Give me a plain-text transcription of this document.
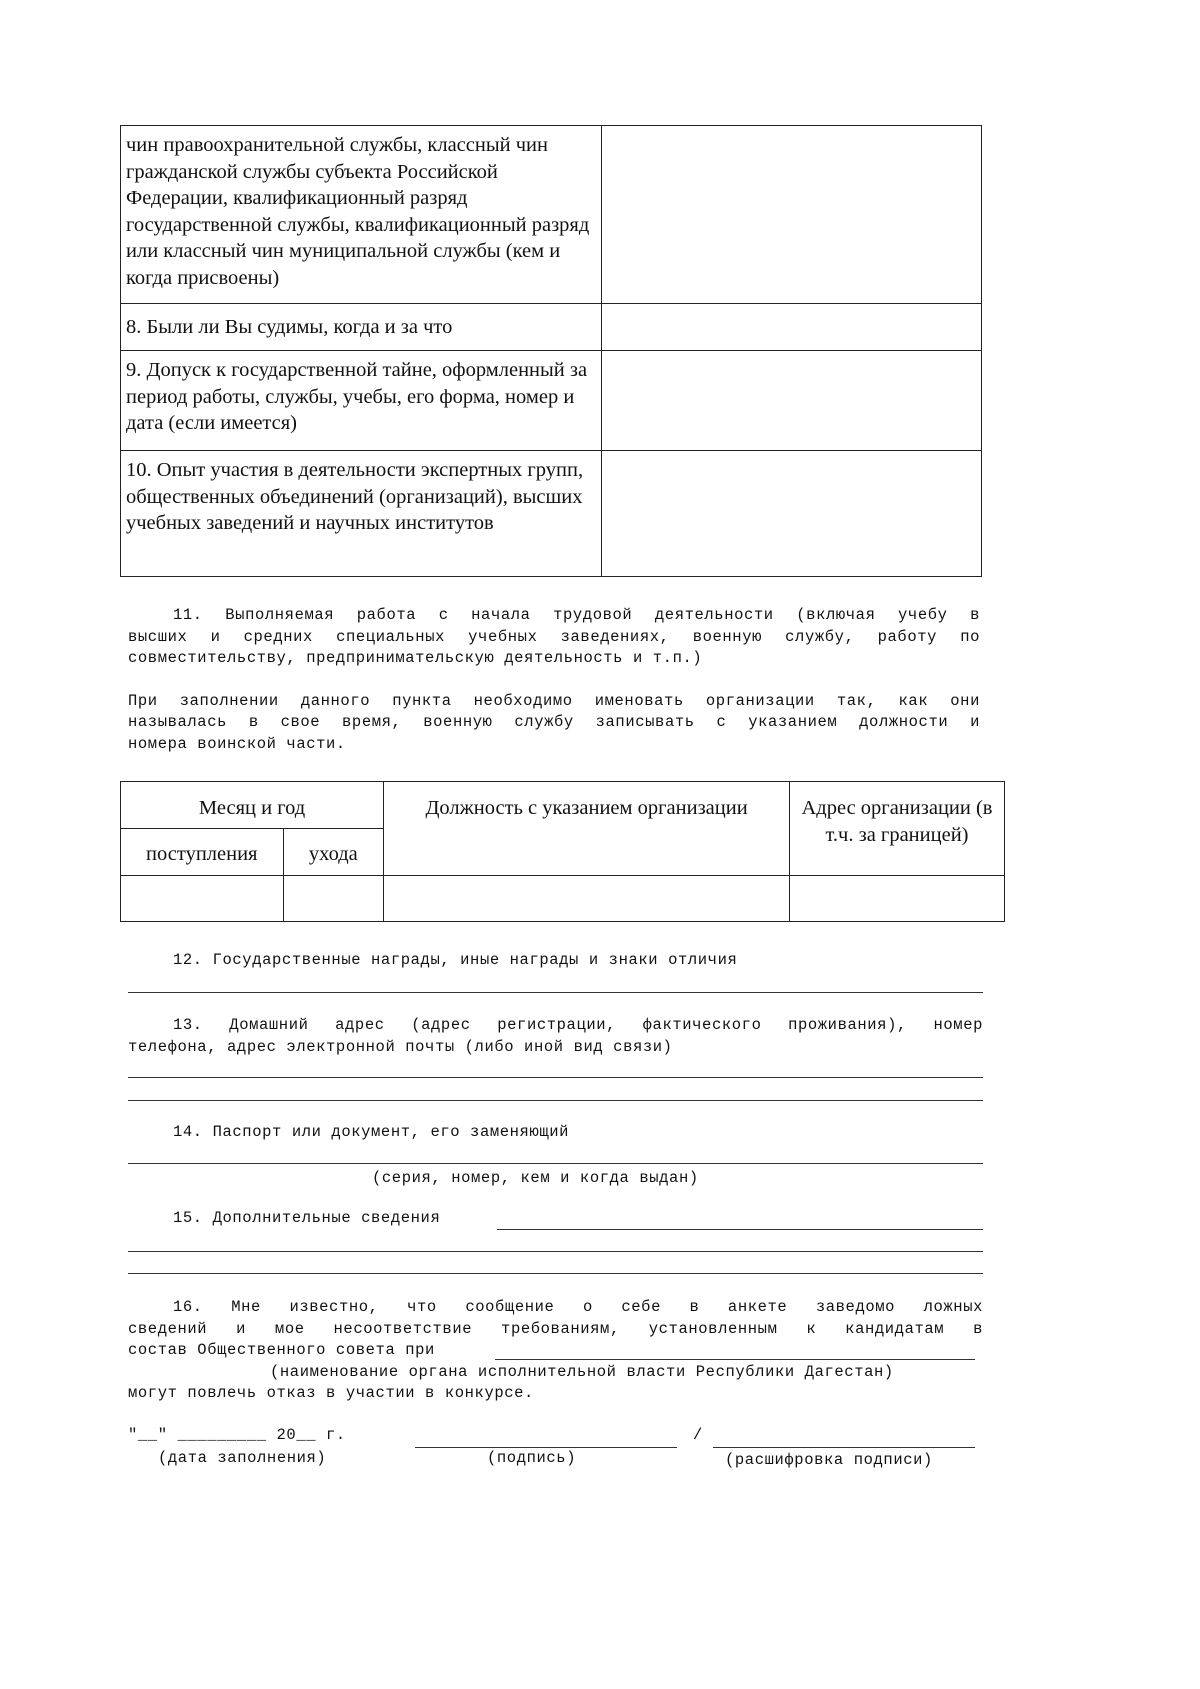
чин правоохранительной службы, классный чин гражданской службы субъекта Российской Федерации, квалификационный разряд государственной службы, квалификационный разряд или классный чин муниципальной службы (кем и когда присвоены)	
8. Были ли Вы судимы, когда и за что	
9. Допуск к государственной тайне, оформленный за период работы, службы, учебы, его форма, номер и дата (если имеется)	
10. Опыт участия в деятельности экспертных групп, общественных объединений (организаций), высших учебных заведений и научных институтов	
11. Выполняемая работа с начала трудовой деятельности (включая учебу в
высших и средних специальных учебных заведениях, военную службу, работу по
совместительству, предпринимательскую деятельность и т.п.)
При заполнении данного пункта необходимо именовать организации так, как они
называлась в свое время, военную службу записывать с указанием должности и
номера воинской части.
Месяц и год		Должность с указанием организации	Адрес организации (в т.ч. за границей)
поступления	ухода		

12. Государственные награды, иные награды и знаки отличия
13. Домашний адрес (адрес регистрации, фактического проживания), номер
телефона, адрес электронной почты (либо иной вид связи)
14. Паспорт или документ, его заменяющий
(серия, номер, кем и когда выдан)
15. Дополнительные сведения
16. Мне известно, что сообщение о себе в анкете заведомо ложных
сведений и мое несоответствие требованиям, установленным к кандидатам в
состав Общественного совета при
(наименование органа исполнительной власти Республики Дагестан)
могут повлечь отказ в участии в конкурсе.
"__" _________ 20__ г.
(дата заполнения)	(подпись)
/
(расшифровка подписи)
